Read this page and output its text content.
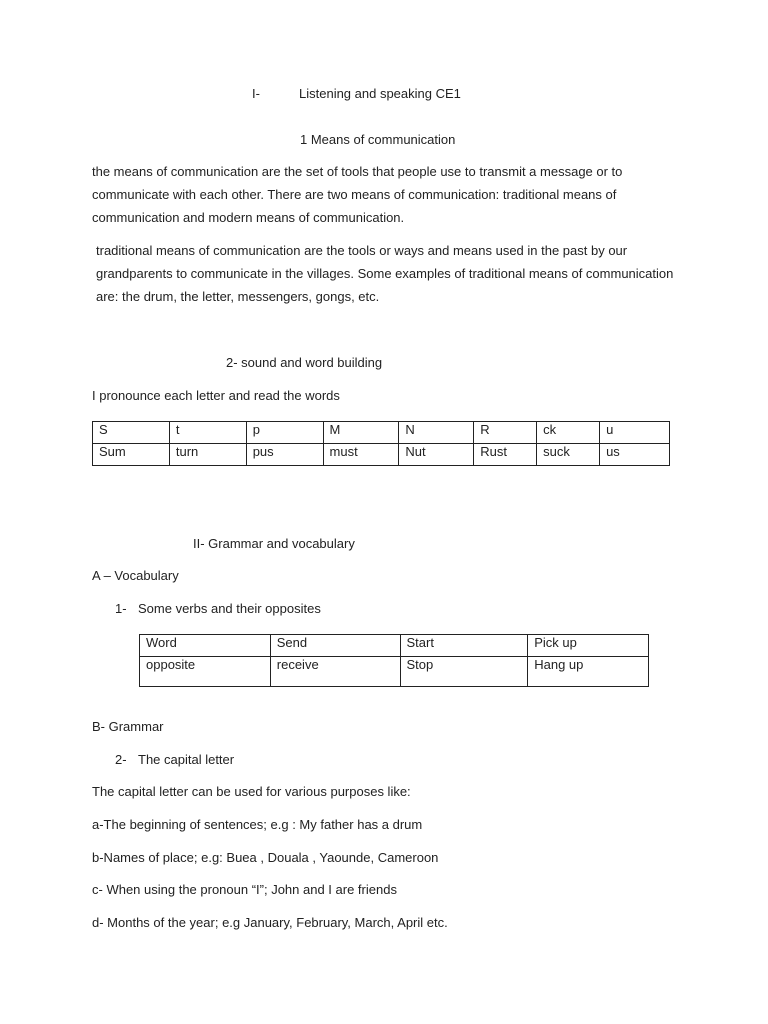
I-	Listening and speaking CE1
1 Means of communication
the means of communication are the set of tools that people use to transmit a message or to communicate with each other. There are two means of communication: traditional means of communication and modern means of communication.
traditional means of communication are the tools or ways and means used in the past by our grandparents to communicate in the villages. Some examples of traditional means of communication are: the drum, the letter, messengers, gongs, etc.
2- sound and word building
I pronounce each letter and read the words
S	t	p	M	N	R	ck	u
Sum	turn	pus	must	Nut	Rust	suck	us
II- Grammar and vocabulary
A – Vocabulary
1- Some verbs and their opposites
Word	Send	Start	Pick up
opposite	receive	Stop	Hang up
B- Grammar
2- The capital letter
The capital letter can be used for various purposes like:
a-The beginning of sentences; e.g : My father has a drum
b-Names of place; e.g: Buea , Douala , Yaounde, Cameroon
c- When using the pronoun “I”; John and I are friends
d- Months of the year; e.g January, February, March, April etc.
